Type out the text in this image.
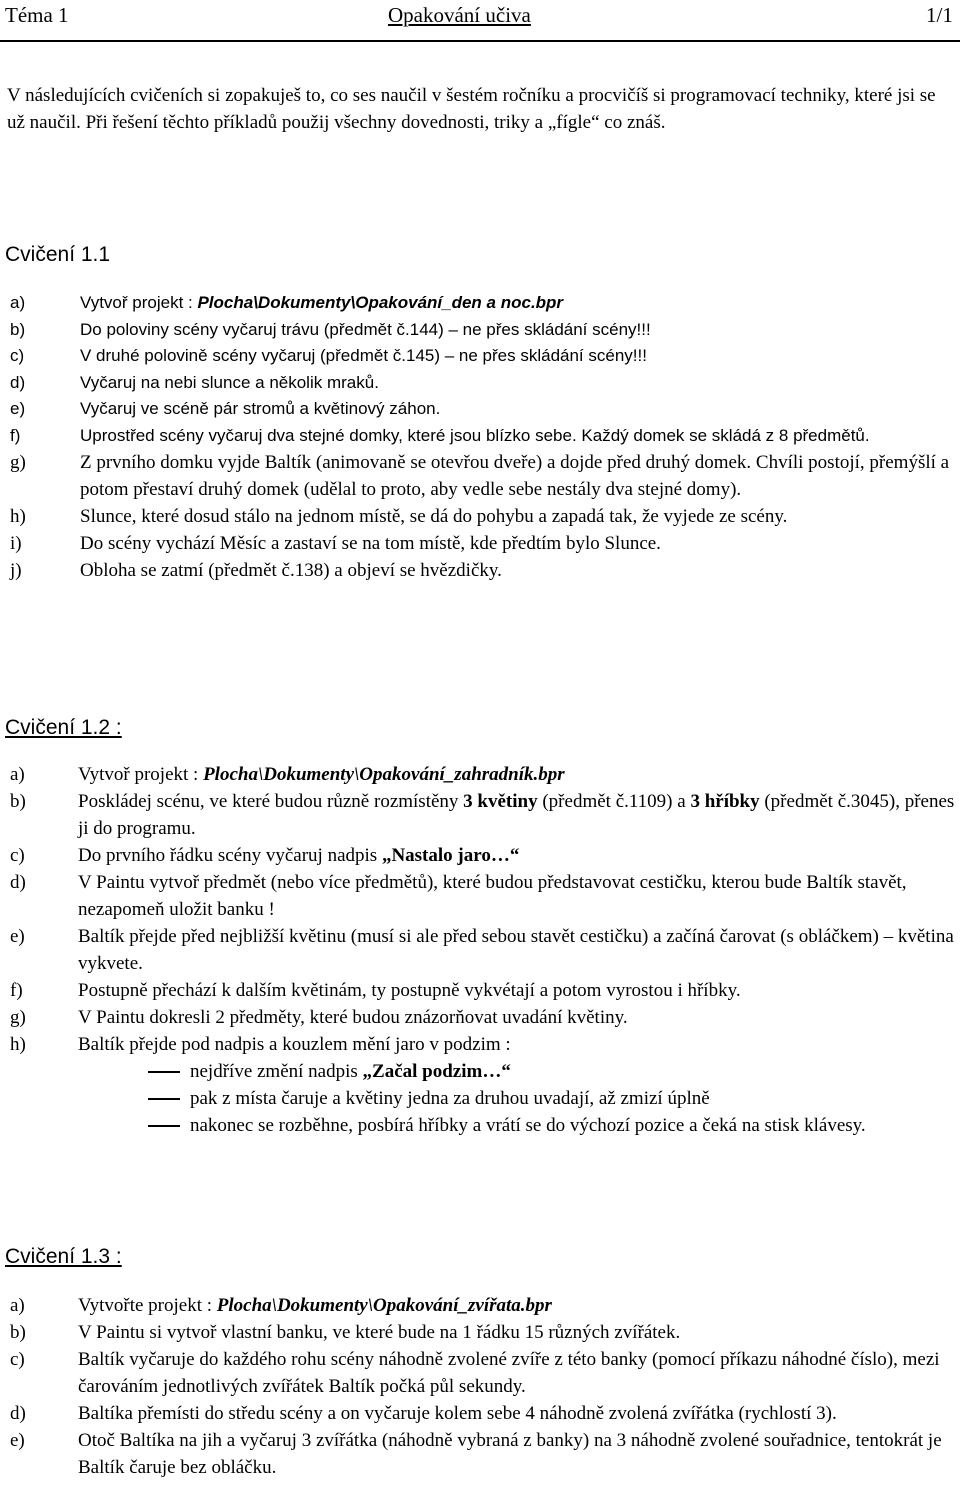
Téma 1	Opakování učiva	1/1
V následujících cvičeních si zopakuješ to, co ses naučil v šestém ročníku a procvičíš si programovací techniky, které jsi se už naučil. Při řešení těchto příkladů použij všechny dovednosti, triky a „fígle“ co znáš.
Cvičení 1.1
a)	Vytvoř projekt : Plocha\Dokumenty\Opakování_den a noc.bpr
b)	Do poloviny scény vyčaruj trávu (předmět č.144) – ne přes skládání scény!!!
c)	V druhé polovině scény vyčaruj (předmět č.145) – ne přes skládání scény!!!
d)	Vyčaruj na nebi slunce a několik mraků.
e)	Vyčaruj ve scéně pár stromů a květinový záhon.
f)	Uprostřed scény vyčaruj dva stejné domky, které jsou blízko sebe. Každý domek se skládá z 8 předmětů.
g)	Z prvního domku vyjde Baltík (animovaně se otevřou dveře) a dojde před druhý domek. Chvíli postojí, přemýšlí a potom přestaví druhý domek (udělal to proto, aby vedle sebe nestály dva stejné domy).
h)	Slunce, které dosud stálo na jednom místě, se dá do pohybu a zapadá tak, že vyjede ze scény.
i)	Do scény vychází Měsíc a zastaví se na tom místě, kde předtím bylo Slunce.
j)	Obloha se zatmí (předmět č.138) a objeví se hvězdičky.
Cvičení 1.2 :
a)	Vytvoř projekt : Plocha\Dokumenty\Opakování_zahradník.bpr
b)	Poskládej scénu, ve které budou různě rozmístěny 3 květiny (předmět č.1109) a 3 hříbky (předmět č.3045), přenes ji do programu.
c)	Do prvního řádku scény vyčaruj nadpis „Nastalo jaro…“
d)	V Paintu vytvoř předmět (nebo více předmětů), které budou představovat cestičku, kterou bude Baltík stavět, nezapomeň uložit banku !
e)	Baltík přejde před nejbližší květinu (musí si ale před sebou stavět cestičku) a začíná čarovat (s obláčkem) – květina vykvete.
f)	Postupně přechází k dalším květinám, ty postupně vykvétají a potom vyrostou i hříbky.
g)	V Paintu dokresli 2 předměty, které budou znázorňovat uvadání květiny.
h)	Baltík přejde pod nadpis a kouzlem mění jaro v podzim :
nejdříve změní nadpis „Začal podzim…“
pak z místa čaruje a květiny jedna za druhou uvadají, až zmizí úplně
nakonec se rozběhne, posbírá hříbky a vrátí se do výchozí pozice a čeká na stisk klávesy.
Cvičení 1.3 :
a)	Vytvořte projekt : Plocha\Dokumenty\Opakování_zvířata.bpr
b)	V Paintu si vytvoř vlastní banku, ve které bude na 1 řádku 15 různých zvířátek.
c)	Baltík vyčaruje do každého rohu scény náhodně zvolené zvíře z této banky (pomocí příkazu náhodné číslo), mezi čarováním jednotlivých zvířátek Baltík počká půl sekundy.
d)	Baltíka přemísti do středu scény a on vyčaruje kolem sebe 4 náhodně zvolená zvířátka (rychlostí 3).
e)	Otoč Baltíka na jih a vyčaruj 3 zvířátka (náhodně vybraná z banky) na 3 náhodně zvolené souřadnice, tentokrát je Baltík čaruje bez obláčku.
